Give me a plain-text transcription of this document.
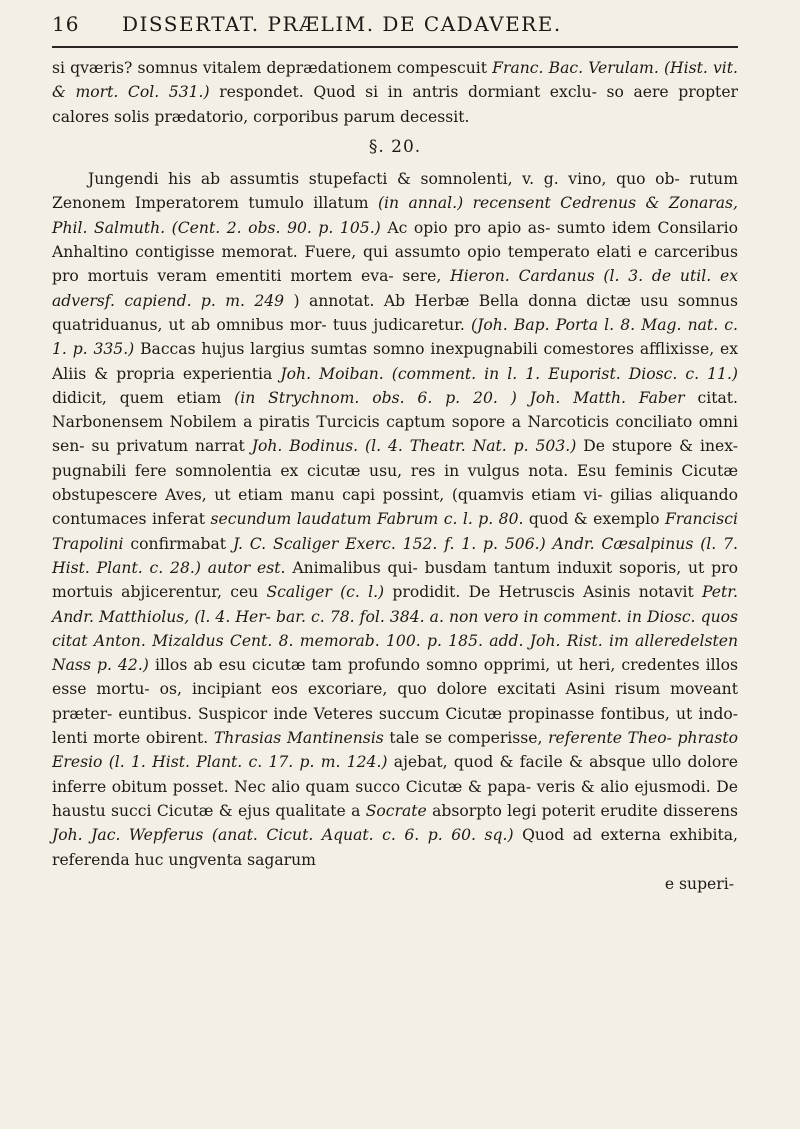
16	DISSERTAT. PRÆLIM. DE CADAVERE.

si qværis? somnus vitalem deprædationem compescuit Franc. Bac. Verulam. (Hist. vit. & mort. Col. 531.) respondet. Quod si in antris dormiant exclu- so aere propter calores solis prædatorio, corporibus parum decessit.

§. 20.

Jungendi his ab assumtis stupefacti & somnolenti, v. g. vino, quo ob- rutum Zenonem Imperatorem tumulo illatum (in annal.) recensent Cedrenus & Zonaras, Phil. Salmuth. (Cent. 2. obs. 90. p. 105.) Ac opio pro apio as- sumto idem Consilario Anhaltino contigisse memorat. Fuere, qui assumto opio temperato elati e carceribus pro mortuis veram ementiti mortem eva- sere, Hieron. Cardanus (l. 3. de util. ex adversf. capiend. p. m. 249 ) annotat. Ab Herbæ Bella donna dictæ usu somnus quatriduanus, ut ab omnibus mor- tuus judicaretur. (Joh. Bap. Porta l. 8. Mag. nat. c. 1. p. 335.) Baccas hujus largius sumtas somno inexpugnabili comestores afflixisse, ex Aliis & propria experientia Joh. Moiban. (comment. in l. 1. Euporist. Diosc. c. 11.) didicit, quem etiam (in Strychnom. obs. 6. p. 20. ) Joh. Matth. Faber citat. Narbonensem Nobilem a piratis Turcicis captum sopore a Narcoticis conciliato omni sen- su privatum narrat Joh. Bodinus. (l. 4. Theatr. Nat. p. 503.) De stupore & inex- pugnabili fere somnolentia ex cicutæ usu, res in vulgus nota. Esu feminis Cicutæ obstupescere Aves, ut etiam manu capi possint, (quamvis etiam vi- gilias aliquando contumaces inferat secundum laudatum Fabrum c. l. p. 80. quod & exemplo Francisci Trapolini confirmabat J. C. Scaliger Exerc. 152. f. 1. p. 506.) Andr. Cæsalpinus (l. 7. Hist. Plant. c. 28.) autor est. Animalibus qui- busdam tantum induxit soporis, ut pro mortuis abjicerentur, ceu Scaliger (c. l.) prodidit. De Hetruscis Asinis notavit Petr. Andr. Matthiolus, (l. 4. Her- bar. c. 78. fol. 384. a. non vero in comment. in Diosc. quos citat Anton. Mizaldus Cent. 8. memorab. 100. p. 185. add. Joh. Rist. im alleredelsten Nass p. 42.) illos ab esu cicutæ tam profundo somno opprimi, ut heri, credentes illos esse mortu- os, incipiant eos excoriare, quo dolore excitati Asini risum moveant præter- euntibus. Suspicor inde Veteres succum Cicutæ propinasse fontibus, ut indo- lenti morte obirent. Thrasias Mantinensis tale se comperisse, referente Theo- phrasto Eresio (l. 1. Hist. Plant. c. 17. p. m. 124.) ajebat, quod & facile & absque ullo dolore inferre obitum posset. Nec alio quam succo Cicutæ & papa- veris & alio ejusmodi. De haustu succi Cicutæ & ejus qualitate a Socrate absorpto legi poterit erudite disserens Joh. Jac. Wepferus (anat. Cicut. Aquat. c. 6. p. 60. sq.) Quod ad externa exhibita, referenda huc ungventa sagarum

e superi-
